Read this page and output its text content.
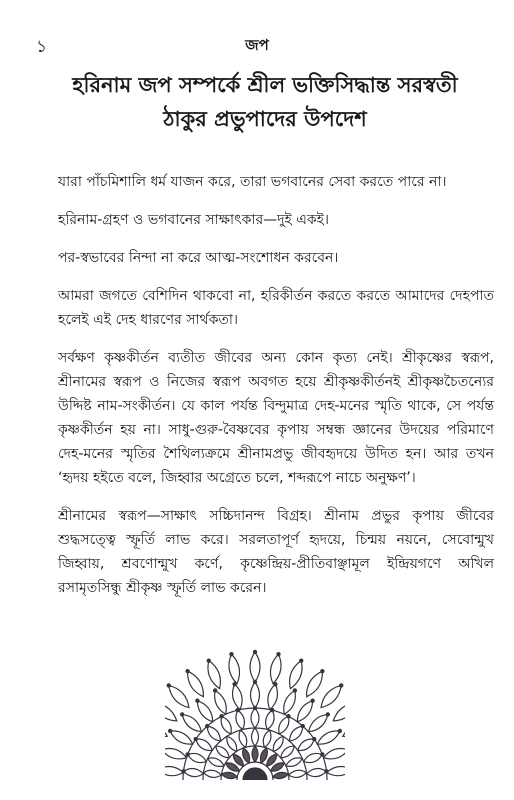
১	জপ
হরিনাম জপ সম্পর্কে শ্রীল ভক্তিসিদ্ধান্ত সরস্বতী
ঠাকুর প্রভুপাদের উপদেশ

যারা পাঁচমিশালি ধর্ম যাজন করে, তারা ভগবানের সেবা করতে পারে না।

হরিনাম-গ্রহণ ও ভগবানের সাক্ষাৎকার—দুই একই।

পর-স্বভাবের নিন্দা না করে আত্ম-সংশোধন করবেন।

আমরা জগতে বেশিদিন থাকবো না, হরিকীর্তন করতে করতে আমাদের দেহপাত হলেই এই দেহ ধারণের সার্থকতা।

সর্বক্ষণ কৃষ্ণকীর্তন ব্যতীত জীবের অন্য কোন কৃত্য নেই। শ্রীকৃষ্ণের স্বরূপ, শ্রীনামের স্বরূপ ও নিজের স্বরূপ অবগত হয়ে শ্রীকৃষ্ণকীর্তনই শ্রীকৃষ্ণচৈতন্যের উদ্দিষ্ট নাম-সংকীর্তন। যে কাল পর্যন্ত বিন্দুমাত্র দেহ-মনের স্মৃতি থাকে, সে পর্যন্ত কৃষ্ণকীর্তন হয় না। সাধু-গুরু-বৈষ্ণবের কৃপায় সম্বন্ধ জ্ঞানের উদয়ের পরিমাণে দেহ-মনের স্মৃতির শৈথিল্যক্রমে শ্রীনামপ্রভু জীবহৃদয়ে উদিত হন। আর তখন ‘হৃদয় হইতে বলে, জিহ্বার অগ্রেতে চলে, শব্দরূপে নাচে অনুক্ষণ’।

শ্রীনামের স্বরূপ—সাক্ষাৎ সচ্চিদানন্দ বিগ্রহ। শ্রীনাম প্রভুর কৃপায় জীবের শুদ্ধসত্ত্বে স্ফূর্তি লাভ করে। সরলতাপূর্ণ হৃদয়ে, চিন্ময় নয়নে, সেবোন্মুখ জিহ্বায়, শ্রবণোন্মুখ কর্ণে, কৃষ্ণেন্দ্রিয়-প্রীতিবাঞ্ছামূল ইন্দ্রিয়গণে অখিল রসামৃতসিন্ধু শ্রীকৃষ্ণ স্ফূর্তি লাভ করেন।
